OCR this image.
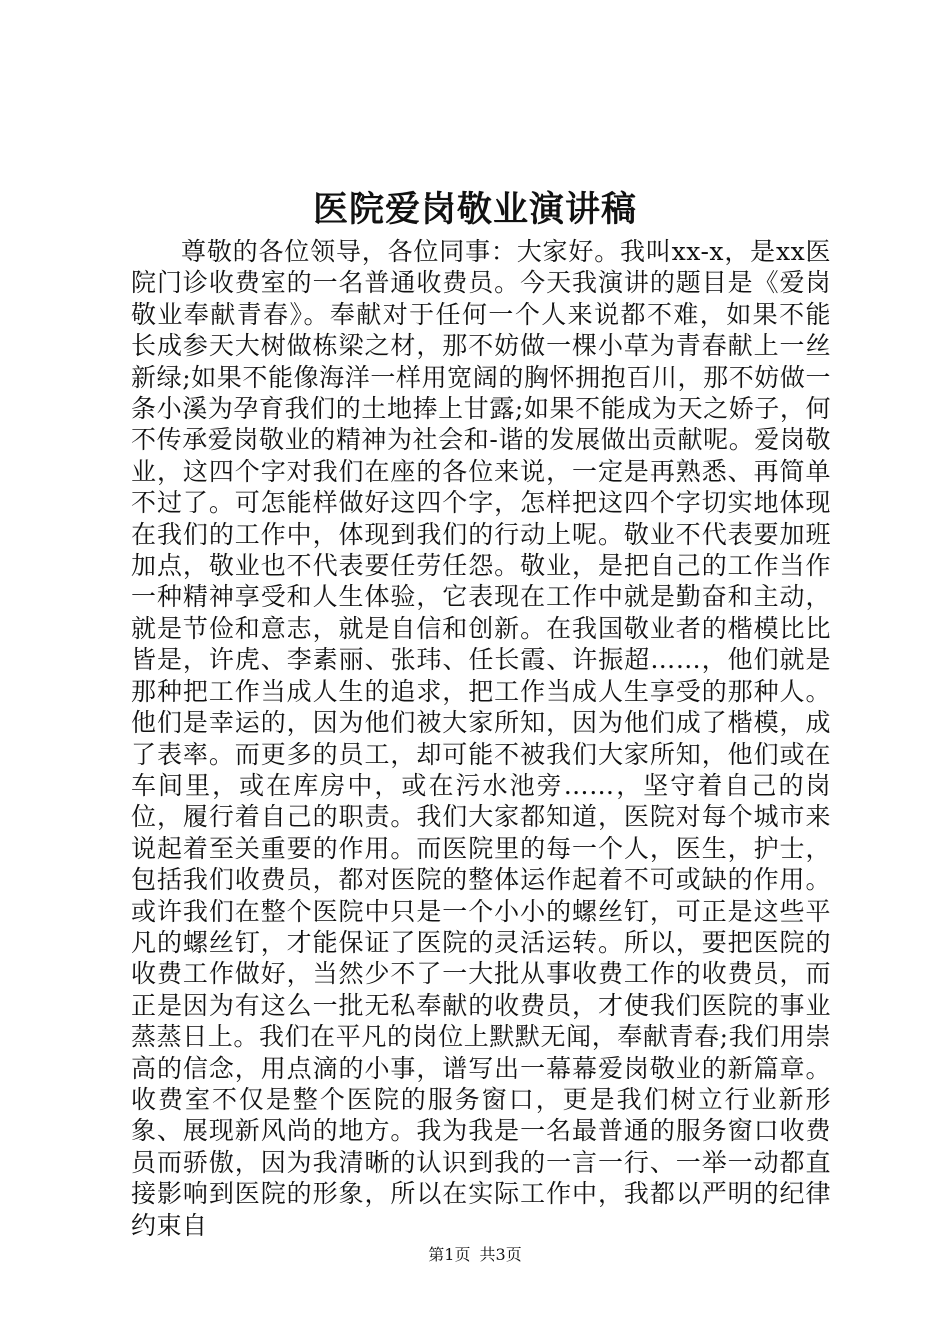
医院爱岗敬业演讲稿

尊敬的各位领导，各位同事：大家好。我叫xx-x，是xx医院门诊收费室的一名普通收费员。今天我演讲的题目是《爱岗敬业奉献青春》。奉献对于任何一个人来说都不难，如果不能长成参天大树做栋梁之材，那不妨做一棵小草为青春献上一丝新绿;如果不能像海洋一样用宽阔的胸怀拥抱百川，那不妨做一条小溪为孕育我们的土地捧上甘露;如果不能成为天之娇子，何不传承爱岗敬业的精神为社会和-谐的发展做出贡献呢。爱岗敬业，这四个字对我们在座的各位来说，一定是再熟悉、再简单不过了。可怎能样做好这四个字，怎样把这四个字切实地体现在我们的工作中，体现到我们的行动上呢。敬业不代表要加班加点，敬业也不代表要任劳任怨。敬业，是把自己的工作当作一种精神享受和人生体验，它表现在工作中就是勤奋和主动，就是节俭和意志，就是自信和创新。在我国敬业者的楷模比比皆是，许虎、李素丽、张玮、任长霞、许振超……，他们就是那种把工作当成人生的追求，把工作当成人生享受的那种人。他们是幸运的，因为他们被大家所知，因为他们成了楷模，成了表率。而更多的员工，却可能不被我们大家所知，他们或在车间里，或在库房中，或在污水池旁……，坚守着自己的岗位，履行着自己的职责。我们大家都知道，医院对每个城市来说起着至关重要的作用。而医院里的每一个人，医生，护士，包括我们收费员，都对医院的整体运作起着不可或缺的作用。或许我们在整个医院中只是一个小小的螺丝钉，可正是这些平凡的螺丝钉，才能保证了医院的灵活运转。所以，要把医院的收费工作做好，当然少不了一大批从事收费工作的收费员，而正是因为有这么一批无私奉献的收费员，才使我们医院的事业蒸蒸日上。我们在平凡的岗位上默默无闻，奉献青春;我们用崇高的信念，用点滴的小事，谱写出一幕幕爱岗敬业的新篇章。收费室不仅是整个医院的服务窗口，更是我们树立行业新形象、展现新风尚的地方。我为我是一名最普通的服务窗口收费员而骄傲，因为我清晰的认识到我的一言一行、一举一动都直接影响到医院的形象，所以在实际工作中，我都以严明的纪律约束自

第1页 共3页
